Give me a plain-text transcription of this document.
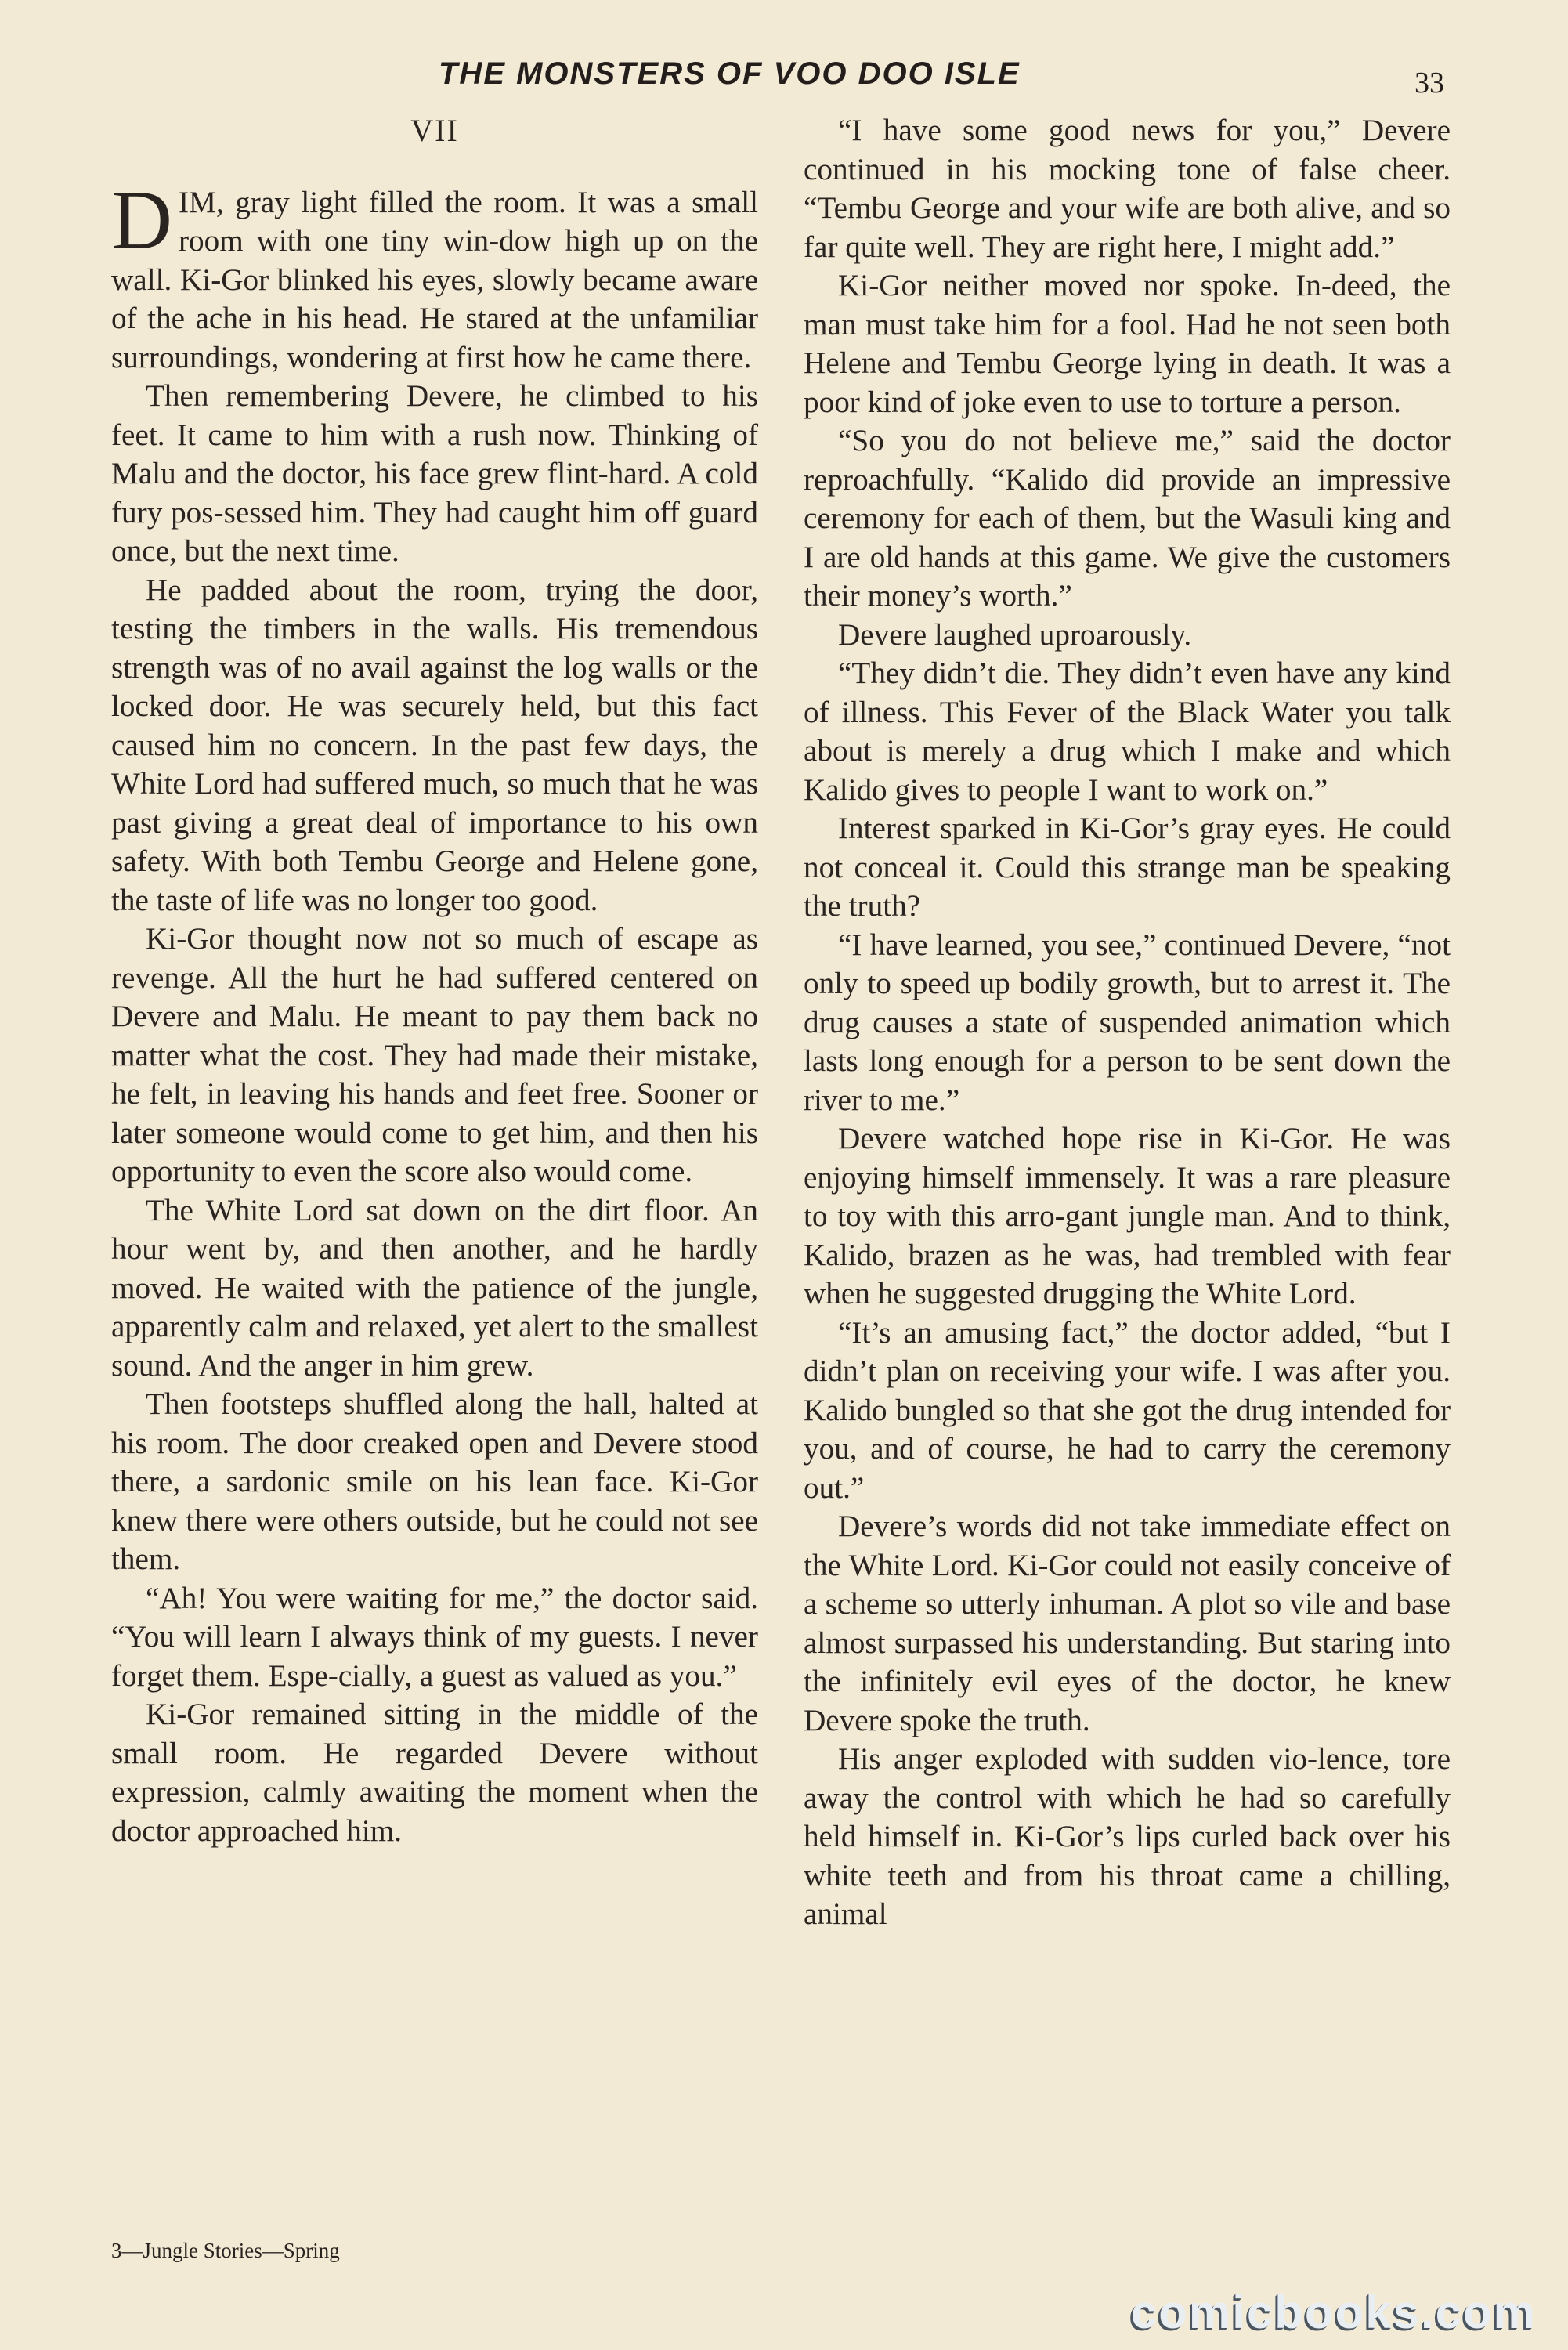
THE MONSTERS OF VOO DOO ISLE	33
VII

DIM, gray light filled the room. It was a small room with one tiny win-dow high up on the wall. Ki-Gor blinked his eyes, slowly became aware of the ache in his head. He stared at the unfamiliar surroundings, wondering at first how he came there.

Then remembering Devere, he climbed to his feet. It came to him with a rush now. Thinking of Malu and the doctor, his face grew flint-hard. A cold fury pos-sessed him. They had caught him off guard once, but the next time.

He padded about the room, trying the door, testing the timbers in the walls. His tremendous strength was of no avail against the log walls or the locked door. He was securely held, but this fact caused him no concern. In the past few days, the White Lord had suffered much, so much that he was past giving a great deal of importance to his own safety. With both Tembu George and Helene gone, the taste of life was no longer too good.

Ki-Gor thought now not so much of escape as revenge. All the hurt he had suffered centered on Devere and Malu. He meant to pay them back no matter what the cost. They had made their mistake, he felt, in leaving his hands and feet free. Sooner or later someone would come to get him, and then his opportunity to even the score also would come.

The White Lord sat down on the dirt floor. An hour went by, and then another, and he hardly moved. He waited with the patience of the jungle, apparently calm and relaxed, yet alert to the smallest sound. And the anger in him grew.

Then footsteps shuffled along the hall, halted at his room. The door creaked open and Devere stood there, a sardonic smile on his lean face. Ki-Gor knew there were others outside, but he could not see them.

“Ah! You were waiting for me,” the doctor said. “You will learn I always think of my guests. I never forget them. Espe-cially, a guest as valued as you.”

Ki-Gor remained sitting in the middle of the small room. He regarded Devere without expression, calmly awaiting the moment when the doctor approached him.

“I have some good news for you,” Devere continued in his mocking tone of false cheer. “Tembu George and your wife are both alive, and so far quite well. They are right here, I might add.”

Ki-Gor neither moved nor spoke. In-deed, the man must take him for a fool. Had he not seen both Helene and Tembu George lying in death. It was a poor kind of joke even to use to torture a person.

“So you do not believe me,” said the doctor reproachfully. “Kalido did provide an impressive ceremony for each of them, but the Wasuli king and I are old hands at this game. We give the customers their money’s worth.”

Devere laughed uproarously.

“They didn’t die. They didn’t even have any kind of illness. This Fever of the Black Water you talk about is merely a drug which I make and which Kalido gives to people I want to work on.”

Interest sparked in Ki-Gor’s gray eyes. He could not conceal it. Could this strange man be speaking the truth?

“I have learned, you see,” continued Devere, “not only to speed up bodily growth, but to arrest it. The drug causes a state of suspended animation which lasts long enough for a person to be sent down the river to me.”

Devere watched hope rise in Ki-Gor. He was enjoying himself immensely. It was a rare pleasure to toy with this arro-gant jungle man. And to think, Kalido, brazen as he was, had trembled with fear when he suggested drugging the White Lord.

“It’s an amusing fact,” the doctor added, “but I didn’t plan on receiving your wife. I was after you. Kalido bungled so that she got the drug intended for you, and of course, he had to carry the ceremony out.”

Devere’s words did not take immediate effect on the White Lord. Ki-Gor could not easily conceive of a scheme so utterly inhuman. A plot so vile and base almost surpassed his understanding. But staring into the infinitely evil eyes of the doctor, he knew Devere spoke the truth.

His anger exploded with sudden vio-lence, tore away the control with which he had so carefully held himself in. Ki-Gor’s lips curled back over his white teeth and from his throat came a chilling, animal

3—Jungle Stories—Spring
comicbooks.com
